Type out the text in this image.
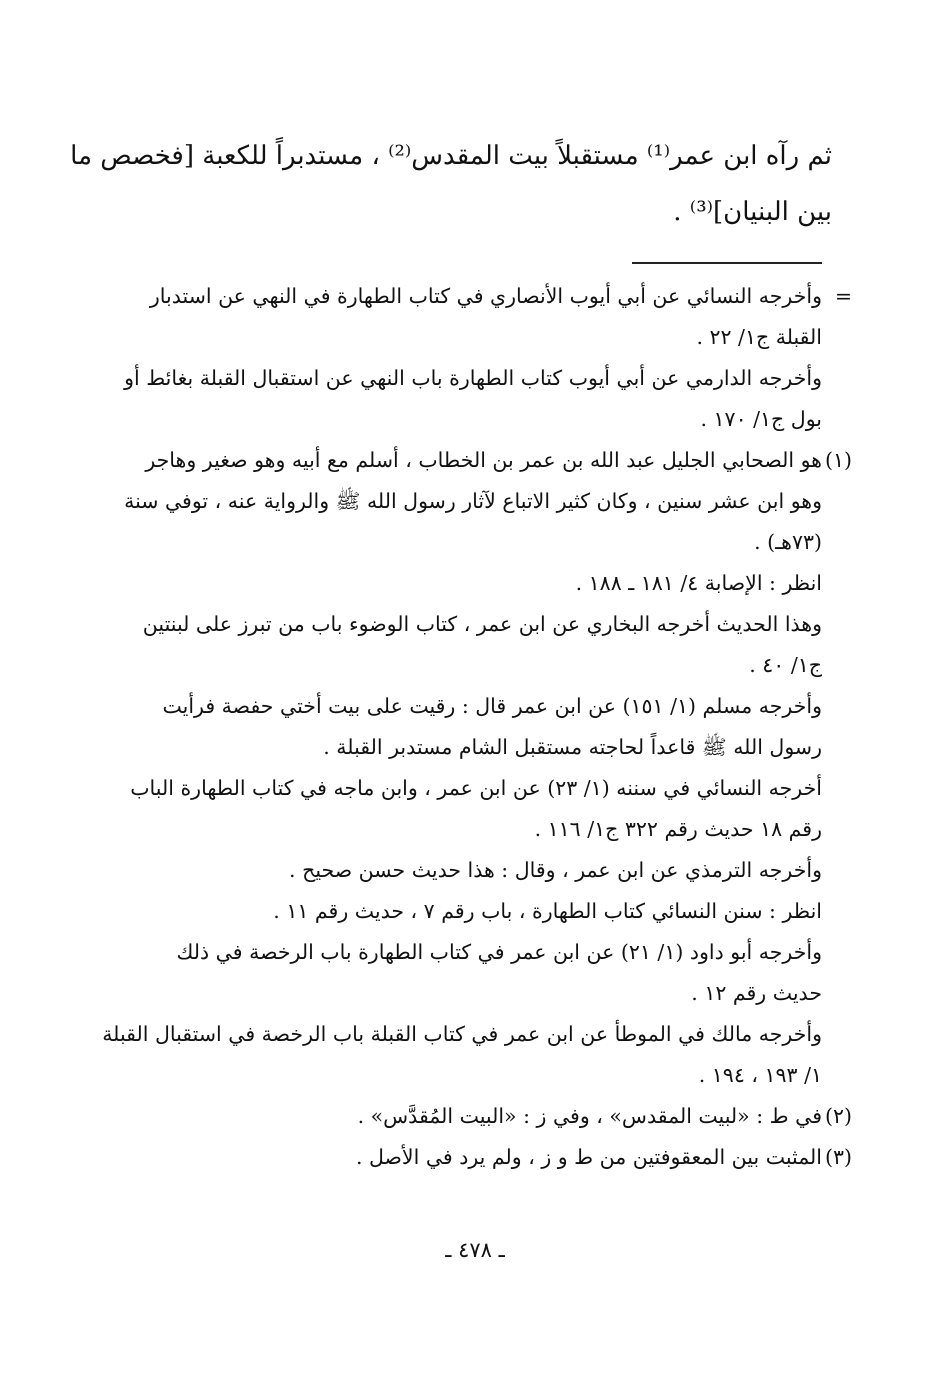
ثم رآه ابن عمر⁽¹⁾ مستقبلاً بيت المقدس⁽²⁾ ، مستدبراً للكعبة [فخصص ما
بين البنيان]⁽³⁾ .
=
وأخرجه النسائي عن أبي أيوب الأنصاري في كتاب الطهارة في النهي عن استدبار
القبلة ج١/ ٢٢ .
وأخرجه الدارمي عن أبي أيوب كتاب الطهارة باب النهي عن استقبال القبلة بغائط أو
بول ج١/ ١٧٠ .
(١)
هو الصحابي الجليل عبد الله بن عمر بن الخطاب ، أسلم مع أبيه وهو صغير وهاجر
وهو ابن عشر سنين ، وكان كثير الاتباع لآثار رسول الله ﷺ والرواية عنه ، توفي سنة
(٧٣هـ) .
انظر : الإصابة ٤/ ١٨١ ـ ١٨٨ .
وهذا الحديث أخرجه البخاري عن ابن عمر ، كتاب الوضوء باب من تبرز على لبنتين
ج١/ ٤٠ .
وأخرجه مسلم (١/ ١٥١) عن ابن عمر قال : رقيت على بيت أختي حفصة فرأيت
رسول الله ﷺ قاعداً لحاجته مستقبل الشام مستدبر القبلة .
أخرجه النسائي في سننه (١/ ٢٣) عن ابن عمر ، وابن ماجه في كتاب الطهارة الباب
رقم ١٨ حديث رقم ٣٢٢ ج١/ ١١٦ .
وأخرجه الترمذي عن ابن عمر ، وقال : هذا حديث حسن صحيح .
انظر : سنن النسائي كتاب الطهارة ، باب رقم ٧ ، حديث رقم ١١ .
وأخرجه أبو داود (١/ ٢١) عن ابن عمر في كتاب الطهارة باب الرخصة في ذلك
حديث رقم ١٢ .
وأخرجه مالك في الموطأ عن ابن عمر في كتاب القبلة باب الرخصة في استقبال القبلة
١/ ١٩٣ ، ١٩٤ .
(٢)
في ط : «لبيت المقدس» ، وفي ز : «البيت المُقدَّس» .
(٣)
المثبت بين المعقوفتين من ط و ز ، ولم يرد في الأصل .
ـ ٤٧٨ ـ
